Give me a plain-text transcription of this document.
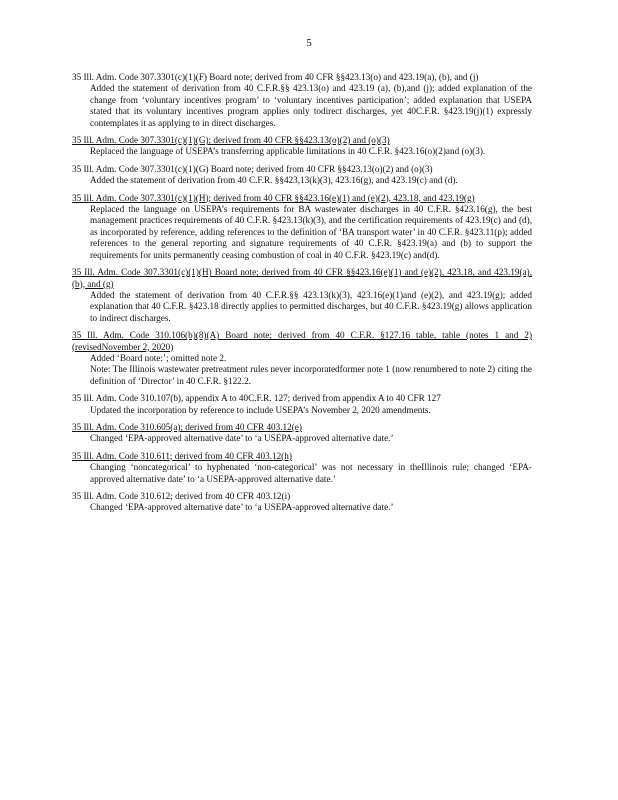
5
35 Ill. Adm. Code 307.3301(c)(1)(F) Board note; derived from 40 CFR §§423.13(o) and 423.19(a), (b), and (j)
Added the statement of derivation from 40 C.F.R.§§ 423.13(o) and 423.19 (a), (b),and (j); added explanation of the change from ‘voluntary incentives program’ to ‘voluntary incentives participation’; added explanation that USEPA stated that its voluntary incentives program applies only todirect discharges, yet 40C.F.R. §423.19(j)(1) expressly contemplates it as applying to in direct discharges.
35 Ill. Adm. Code 307.3301(c)(1)(G); derived from 40 CFR §§423.13(o)(2) and (o)(3)
Replaced the language of USEPA’s transferring applicable limitations in 40 C.F.R. §423.16(o)(2)and (o)(3).
35 Ill. Adm. Code 307.3301(c)(1)(G) Board note; derived from 40 CFR §§423.13(o)(2) and (o)(3)
Added the statement of derivation from 40 C.F.R. §§423,13(k)(3), 423.16(g), and 423.19(c) and (d).
35 Ill. Adm. Code 307.3301(c)(1)(H); derived from 40 CFR §§423.16(e)(1) and (e)(2), 423.18, and 423.19(g)
Replaced the language on USEPA’s requirements for BA wastewater discharges in 40 C.F.R. §423.16(g), the best management practices requirements of 40 C.F.R. §423.13(k)(3), and the certification requirements of 423.19(c) and (d), as incorporated by reference, adding references to the definition of ‘BA transport water’ in 40 C.F.R. §423.11(p); added references to the general reporting and signature requirements of 40 C.F.R. §423.19(a) and (b) to support the requirements for units permanently ceasing combustion of coal in 40 C.F.R. §423.19(c) and(d).
35 Ill. Adm. Code 307.3301(c)(1)(H) Board note; derived from 40 CFR §§423.16(e)(1) and (e)(2), 423.18, and 423.19(a), (b), and (g)
Added the statement of derivation from 40 C.F.R.§§ 423.13(k)(3), 423.16(e)(1)and (e)(2), and 423.19(g); added explanation that 40 C.F.R. §423.18 directly applies to permitted discharges, but 40 C.F.R. §423.19(g) allows application to indirect discharges.
35 Ill. Adm. Code 310.106(b)(8)(A) Board note; derived from 40 C.F.R. §127.16 table, table (notes 1 and 2) (revisedNovember 2, 2020)
Added ‘Board note:’; omitted note 2.
Note: The Illinois wastewater pretreatment rules never incorporatedformer note 1 (now renumbered to note 2) citing the definition of ‘Director’ in 40 C.F.R. §122.2.
35 Ill. Adm. Code 310.107(b), appendix A to 40C.F.R. 127; derived from appendix A to 40 CFR 127
Updated the incorporation by reference to include USEPA’s November 2, 2020 amendments.
35 Ill. Adm. Code 310.605(a); derived from 40 CFR 403.12(e)
Changed ‘EPA-approved alternative date’ to ‘a USEPA-approved alternative date.’
35 Ill. Adm. Code 310.611; derived from 40 CFR 403.12(h)
Changing ‘noncategorical’ to hyphenated ‘non-categorical’ was not necessary in theIllinois rule; changed ‘EPA-approved alternative date’ to ‘a USEPA-approved alternative date.’
35 Ill. Adm. Code 310.612; derived from 40 CFR 403.12(i)
Changed ‘EPA-approved alternative date’ to ‘a USEPA-approved alternative date.’
